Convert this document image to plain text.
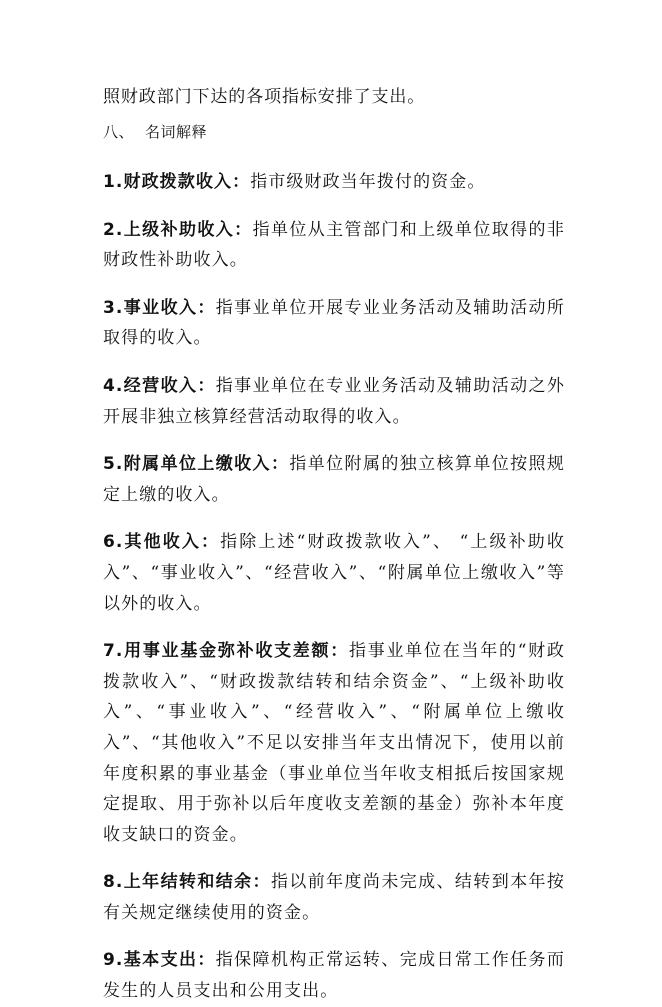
照财政部门下达的各项指标安排了支出。
八、 名词解释

1.财政拨款收入：指市级财政当年拨付的资金。

2.上级补助收入：指单位从主管部门和上级单位取得的非财政性补助收入。

3.事业收入：指事业单位开展专业业务活动及辅助活动所取得的收入。

4.经营收入：指事业单位在专业业务活动及辅助活动之外开展非独立核算经营活动取得的收入。

5.附属单位上缴收入：指单位附属的独立核算单位按照规定上缴的收入。

6.其他收入：指除上述“财政拨款收入”、 “上级补助收入”、“事业收入”、“经营收入”、“附属单位上缴收入”等以外的收入。

7.用事业基金弥补收支差额：指事业单位在当年的“财政拨款收入”、“财政拨款结转和结余资金”、“上级补助收入”、“事业收入”、“经营收入”、“附属单位上缴收入”、“其他收入”不足以安排当年支出情况下，使用以前年度积累的事业基金（事业单位当年收支相抵后按国家规定提取、用于弥补以后年度收支差额的基金）弥补本年度收支缺口的资金。

8.上年结转和结余：指以前年度尚未完成、结转到本年按有关规定继续使用的资金。

9.基本支出：指保障机构正常运转、完成日常工作任务而发生的人员支出和公用支出。
